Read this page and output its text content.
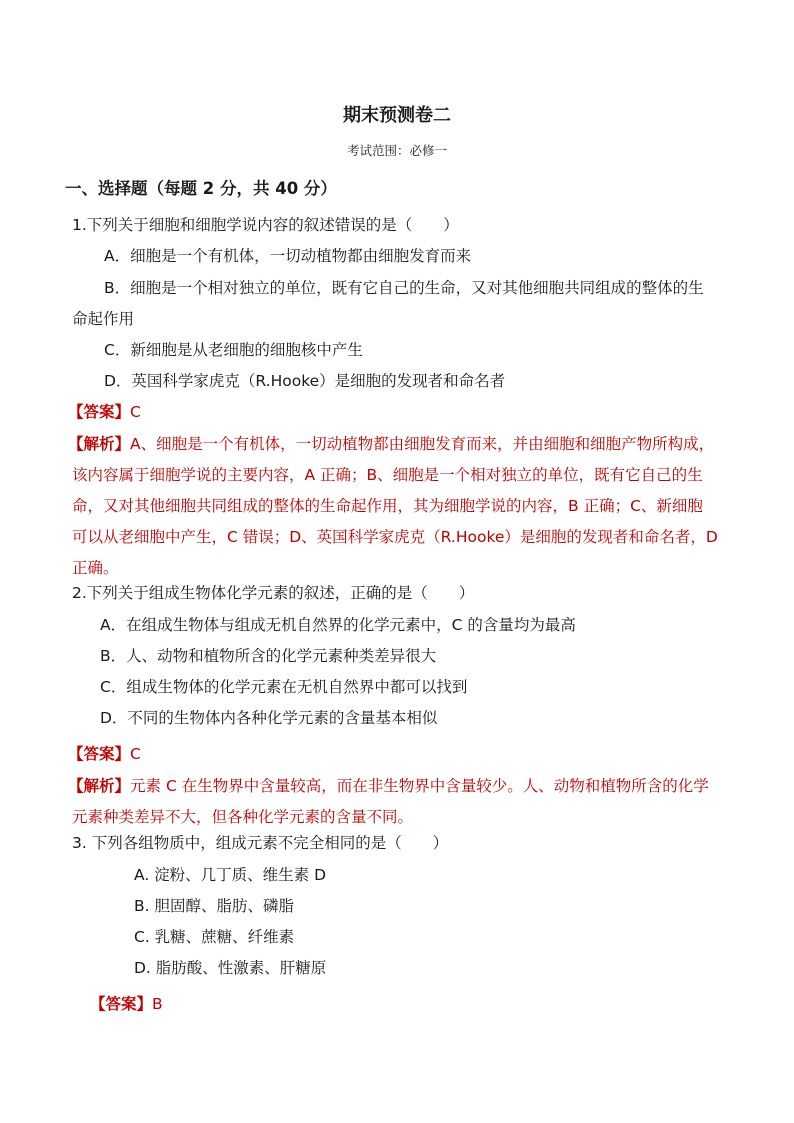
期末预测卷二
考试范围：必修一
一、选择题（每题 2 分，共 40 分）
1.下列关于细胞和细胞学说内容的叙述错误的是（　　）
A．细胞是一个有机体，一切动植物都由细胞发育而来
B．细胞是一个相对独立的单位，既有它自己的生命，又对其他细胞共同组成的整体的生
命起作用
C．新细胞是从老细胞的细胞核中产生
D．英国科学家虎克（R.Hooke）是细胞的发现者和命名者
【答案】C
【解析】A、细胞是一个有机体，一切动植物都由细胞发育而来，并由细胞和细胞产物所构成，
该内容属于细胞学说的主要内容，A 正确；B、细胞是一个相对独立的单位，既有它自己的生
命，又对其他细胞共同组成的整体的生命起作用，其为细胞学说的内容，B 正确；C、新细胞
可以从老细胞中产生，C 错误；D、英国科学家虎克（R.Hooke）是细胞的发现者和命名者，D
正确。
2.下列关于组成生物体化学元素的叙述，正确的是（　　）
A．在组成生物体与组成无机自然界的化学元素中，C 的含量均为最高
B．人、动物和植物所含的化学元素种类差异很大
C．组成生物体的化学元素在无机自然界中都可以找到
D．不同的生物体内各种化学元素的含量基本相似
【答案】C
【解析】元素 C 在生物界中含量较高，而在非生物界中含量较少。人、动物和植物所含的化学
元素种类差异不大，但各种化学元素的含量不同。
3. 下列各组物质中，组成元素不完全相同的是（　　）
A. 淀粉、几丁质、维生素 D
B. 胆固醇、脂肪、磷脂
C. 乳糖、蔗糖、纤维素
D. 脂肪酸、性激素、肝糖原
【答案】B
